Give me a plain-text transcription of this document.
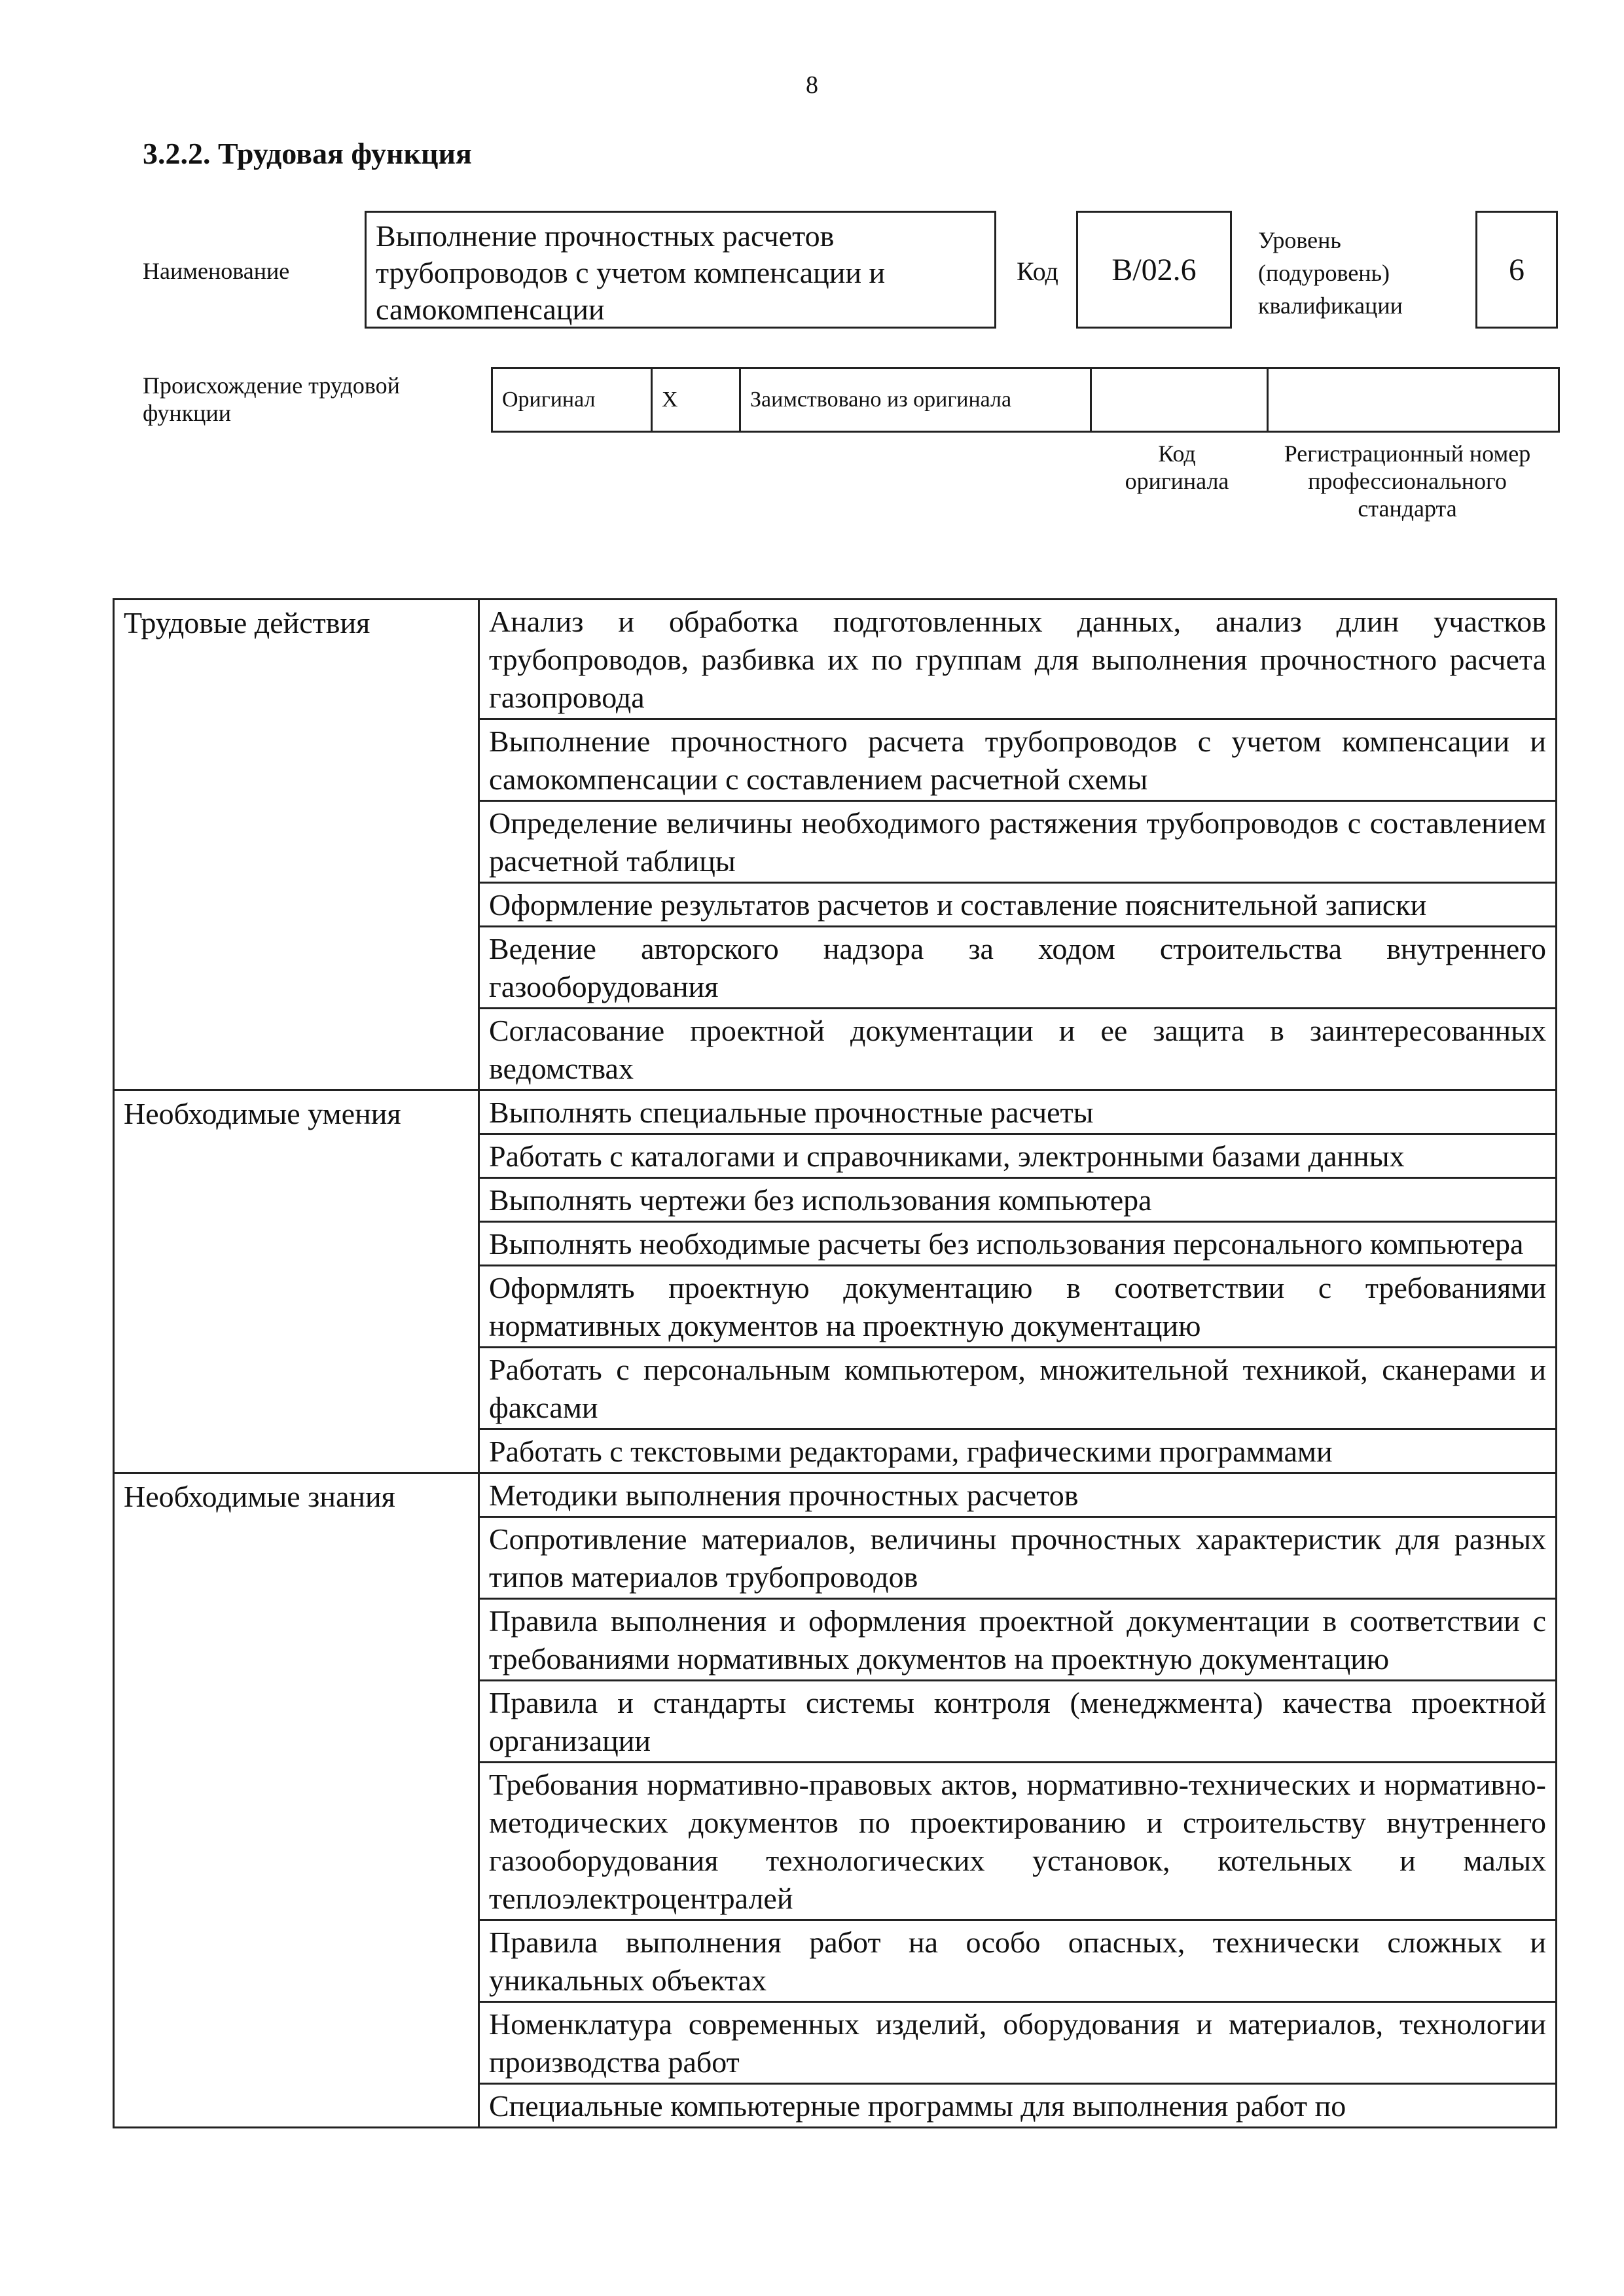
8
3.2.2. Трудовая функция
Наименование
Выполнение прочностных расчетов трубопроводов с учетом компенсации и самокомпенсации
Код	B/02.6
Уровень (подуровень) квалификации
6
Происхождение трудовой функции
Оригинал	Х	Заимствовано из оригинала		
Код оригинала
Регистрационный номер профессионального стандарта
Трудовые действия	Анализ и обработка подготовленных данных, анализ длин участков трубопроводов, разбивка их по группам для выполнения прочностного расчета газопровода
	Выполнение прочностного расчета трубопроводов с учетом компенсации и самокомпенсации с составлением расчетной схемы
	Определение величины необходимого растяжения трубопроводов с составлением расчетной таблицы
	Оформление результатов расчетов и составление пояснительной записки
	Ведение авторского надзора за ходом строительства внутреннего газооборудования
	Согласование проектной документации и ее защита в заинтересованных ведомствах
Необходимые умения	Выполнять специальные прочностные расчеты
	Работать с каталогами и справочниками, электронными базами данных
	Выполнять чертежи без использования компьютера
	Выполнять необходимые расчеты без использования персонального компьютера
	Оформлять проектную документацию в соответствии с требованиями нормативных документов на проектную документацию
	Работать с персональным компьютером, множительной техникой, сканерами и факсами
	Работать с текстовыми редакторами, графическими программами
Необходимые знания	Методики выполнения прочностных расчетов
	Сопротивление материалов, величины прочностных характеристик для разных типов материалов трубопроводов
	Правила выполнения и оформления проектной документации в соответствии с требованиями нормативных документов на проектную документацию
	Правила и стандарты системы контроля (менеджмента) качества проектной организации
	Требования нормативно-правовых актов, нормативно-технических и нормативно-методических документов по проектированию и строительству внутреннего газооборудования технологических установок, котельных и малых теплоэлектроцентралей
	Правила выполнения работ на особо опасных, технически сложных и уникальных объектах
	Номенклатура современных изделий, оборудования и материалов, технологии производства работ
	Специальные компьютерные программы для выполнения работ по
